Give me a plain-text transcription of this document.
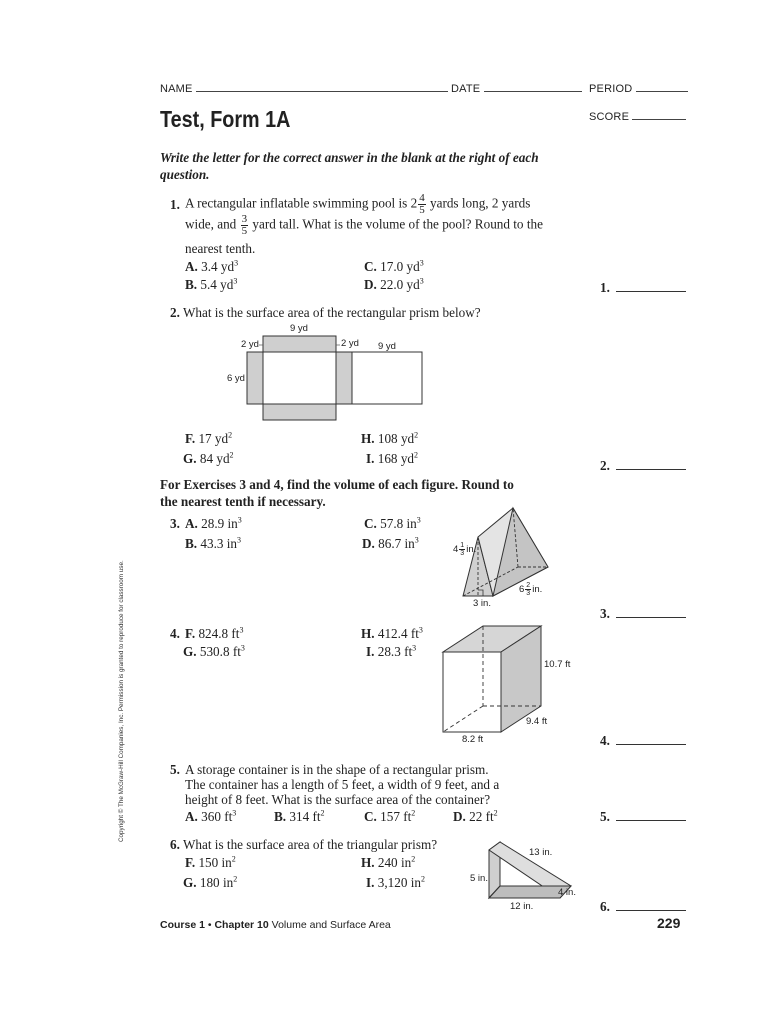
NAME	DATE	PERIOD
Test, Form 1A	SCORE
Write the letter for the correct answer in the blank at the right of each question.
1. A rectangular inflatable swimming pool is $2 \frac{4}{5}$ yards long, 2 yards
wide, and $\frac{3}{5}$ yard tall. What is the volume of the pool? Round to the
nearest tenth.
A. 3.4 $yd^3$
B. 5.4 $yd^3$
C. 17.0 $yd^3$
D. 22.0 $yd^3$
2. What is the surface area of the rectangular prism below?
9 yd
2 yd	2 yd 9 yd
6 yd
F. 17 $yd^2$
G. 84 $yd^2$
H. 108 $yd^2$
I. 168 $yd^2$
For Exercises 3 and 4, find the volume of each figure. Round to
the nearest tenth if necessary.
3. A. 28.9 $in^3$
B. 43.3 $in^3$
C. 57.8 $in^3$
D. 86.7 $in^3$
$4 \frac{1}{3}$ in.
$6 \frac{2}{3}$ in.
3 in.
4. F. 824.8 $ft^3$
G. 530.8 $ft^3$
H. 412.4 $ft^3$
I. 28.3 $ft^3$
10.7 ft
9.4 ft
8.2 ft
5. A storage container is in the shape of a rectangular prism.
The container has a length of 5 feet, a width of 9 feet, and a
height of 8 feet. What is the surface area of the container?
A. 360 $ft^3$	B. 314 $ft^2$	C. 157 $ft^2$	D. 22 $ft^2$
6. What is the surface area of the triangular prism?
F. 150 $in^2$
G. 180 $in^2$
H. 240 $in^2$
I. 3,120 $in^2$
13 in.
5 in.
4 in.
12 in.
1.
2.
3.
4.
5.
6.
Copyright © The McGraw-Hill Companies, Inc. Permission is granted to reproduce for classroom use.
Course 1 • Chapter 10 Volume and Surface Area	229
